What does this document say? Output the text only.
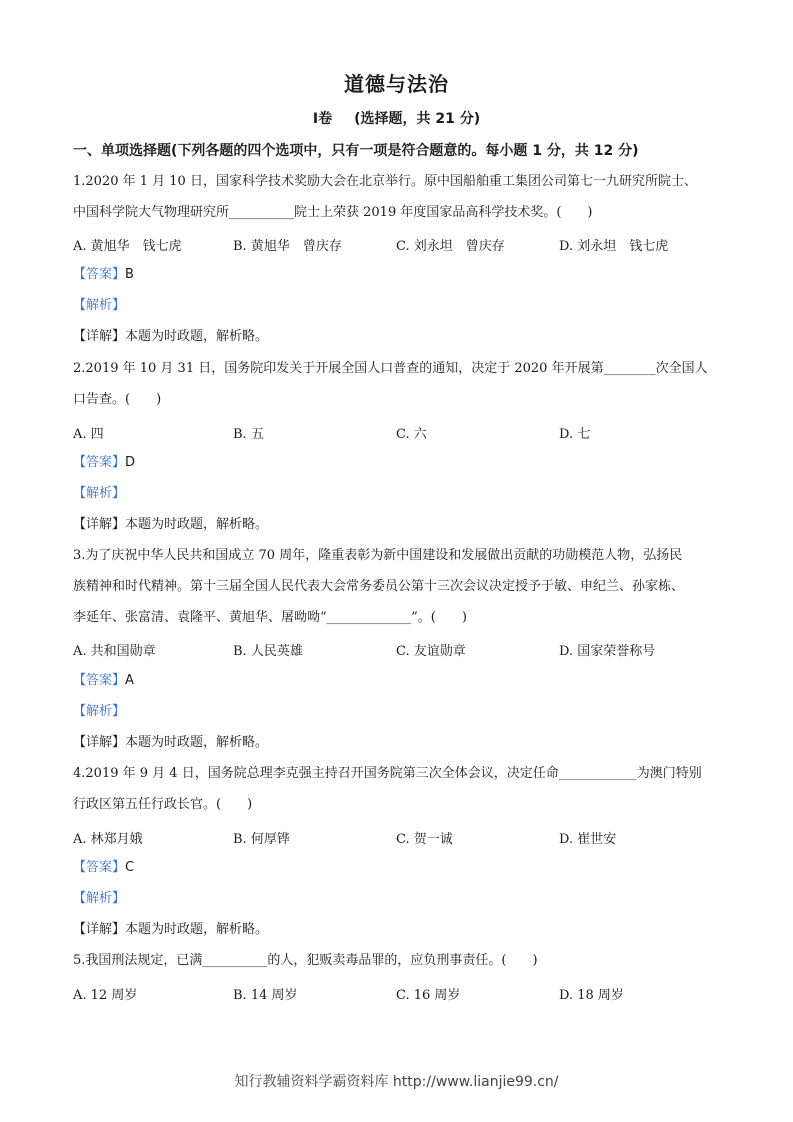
道德与法治
Ⅰ卷 (选择题，共 21 分)
一、单项选择题(下列各题的四个选项中，只有一项是符合题意的。每小题 1 分，共 12 分)
1.2020 年 1 月 10 日，国家科学技术奖励大会在北京举行。原中国船舶重工集团公司第七一九研究所院士、
中国科学院大气物理研究所__________院士上荣获 2019 年度国家品高科学技术奖。(　　)
A. 黄旭华　钱七虎	B. 黄旭华　曾庆存	C. 刘永坦　曾庆存	D. 刘永坦　钱七虎
【答案】B
【解析】
【详解】本题为时政题，解析略。
2.2019 年 10 月 31 日，国务院印发关于开展全国人口普查的通知，决定于 2020 年开展第________次全国人
口告查。(　　)
A. 四	B. 五	C. 六	D. 七
【答案】D
【解析】
【详解】本题为时政题，解析略。
3.为了庆祝中华人民共和国成立 70 周年，隆重表彰为新中国建设和发展做出贡献的功勋模范人物，弘扬民
族精神和时代精神。第十三届全国人民代表大会常务委员公第十三次会议决定授予于敏、申纪兰、孙家栋、
李延年、张富清、袁隆平、黄旭华、屠呦呦“_____________”。(　　)
A. 共和国勋章	B. 人民英雄	C. 友谊勋章	D. 国家荣誉称号
【答案】A
【解析】
【详解】本题为时政题，解析略。
4.2019 年 9 月 4 日，国务院总理李克强主持召开国务院第三次全体会议，决定任命____________为澳门特别
行政区第五任行政长官。(　　)
A. 林郑月娥	B. 何厚铧	C. 贺一诚	D. 崔世安
【答案】C
【解析】
【详解】本题为时政题，解析略。
5.我国刑法规定，已满__________的人，犯贩卖毒品罪的，应负刑事责任。(　　)
A. 12 周岁	B. 14 周岁	C. 16 周岁	D. 18 周岁
知行教辅资料学霸资料库 http://www.lianjie99.cn/
